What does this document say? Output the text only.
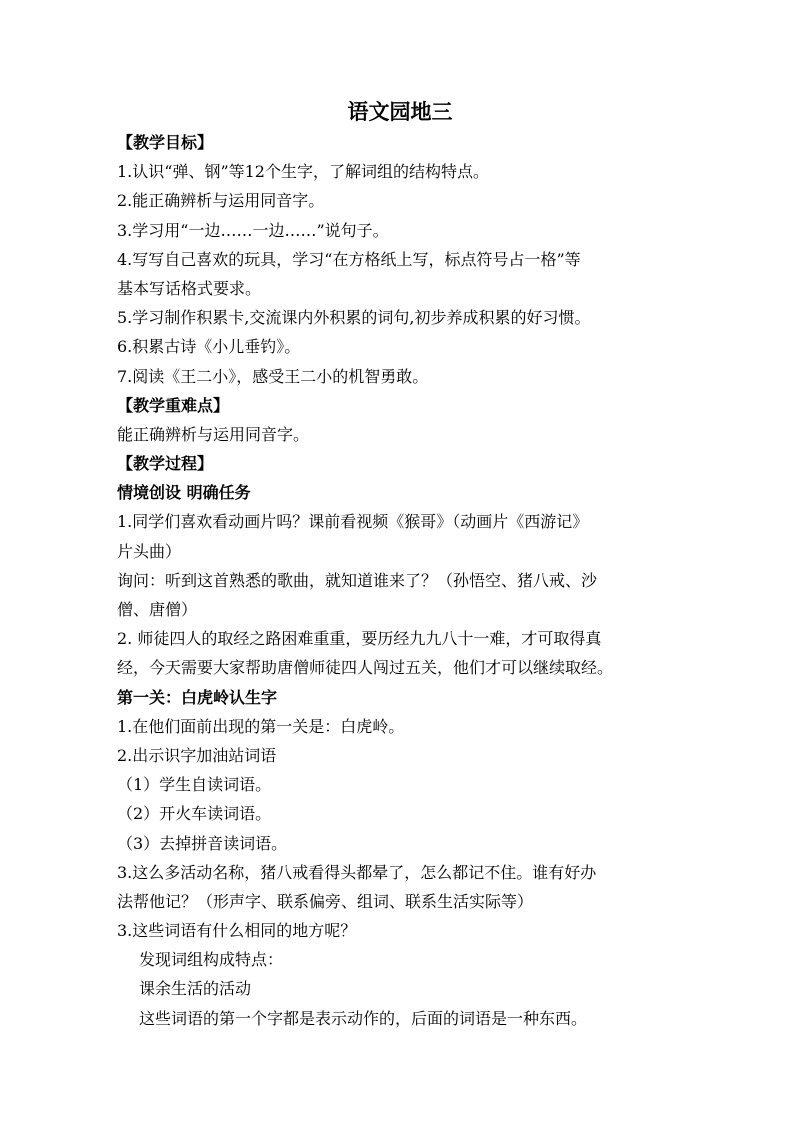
语文园地三
【教学目标】
1.认识“弹、钢”等12个生字，了解词组的结构特点。
2.能正确辨析与运用同音字。
3.学习用“一边……一边……”说句子。
4.写写自己喜欢的玩具，学习“在方格纸上写，标点符号占一格”等
基本写话格式要求。
5.学习制作积累卡,交流课内外积累的词句,初步养成积累的好习惯。
6.积累古诗《小儿垂钓》。
7.阅读《王二小》，感受王二小的机智勇敢。
【教学重难点】
能正确辨析与运用同音字。
【教学过程】
情境创设 明确任务
1.同学们喜欢看动画片吗？课前看视频《猴哥》（动画片《西游记》
片头曲）
询问：听到这首熟悉的歌曲，就知道谁来了？（孙悟空、猪八戒、沙
僧、唐僧）
2. 师徒四人的取经之路困难重重，要历经九九八十一难，才可取得真
经，今天需要大家帮助唐僧师徒四人闯过五关，他们才可以继续取经。
第一关：白虎岭认生字
1.在他们面前出现的第一关是：白虎岭。
2.出示识字加油站词语
（1）学生自读词语。
（2）开火车读词语。
（3）去掉拼音读词语。
3.这么多活动名称，猪八戒看得头都晕了，怎么都记不住。谁有好办
法帮他记？（形声字、联系偏旁、组词、联系生活实际等）
3.这些词语有什么相同的地方呢？
发现词组构成特点：
课余生活的活动
这些词语的第一个字都是表示动作的，后面的词语是一种东西。
